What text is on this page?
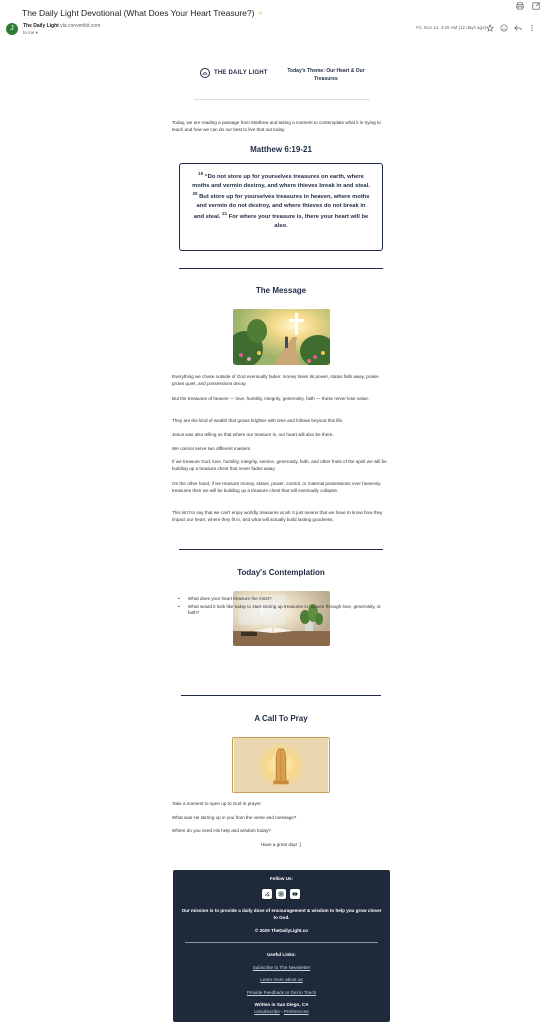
The Daily Light Devotional (What Does Your Heart Treasure?) »
J	The Daily Light via convertkit.com
to me ▾
Fri, Nov 14, 4:26 AM (12 days ago)
THE DAILY LIGHT	Today's Theme: Our Heart & Our Treasures
Today, we are reading a passage from Matthew and taking a moment to contemplate what it is trying to teach and how we can do our best to live that out today.
Matthew 6:19-21
$^{19}$ “Do not store up for yourselves treasures on earth, where moths and vermin destroy, and where thieves break in and steal. $^{20}$ But store up for yourselves treasures in heaven, where moths and vermin do not destroy, and where thieves do not break in and steal. $^{21}$ For where your treasure is, there your heart will be also.
The Message
Everything we chase outside of God eventually fades: money loses its power, status falls away, praise grows quiet, and possessions decay.
But the treasures of heaven — love, humility, integrity, generosity, faith — these never lose value.
They are the kind of wealth that grows brighter with time and follows beyond this life.
Jesus was also telling us that where our treasure is, our heart will also be there.
We cannot serve two different masters.
If we treasure God, love, humility, integrity, service, generosity, faith, and other fruits of the spirit we will be building up a treasure chest that never fades away.
On the other hand, if we treasure money, status, power, control, or material possessions over heavenly treasures then we will be building up a treasure chest that will eventually collapse.
This isn't to say that we can't enjoy worldly treasures at all. It just means that we have to know how they impact our heart, where they fit in, and what will actually build lasting goodness.
Today's Contemplation
• What does your heart treasure the most?
• What would it look like today to start storing up treasures in heaven through love, generosity, or faith?
A Call To Pray
Take a moment to open up to God in prayer.
What was He stirring up in you from the verse and message?
Where do you need His help and wisdom today?
Have a great day! :)
Follow Us:
Our mission is to provide a daily dose of encouragement & wisdom to help you grow closer to God.
© 2025 TheDailyLight.co
Useful Links:
Subscribe to The Newsletter
Learn more about us
Provide Feedback or Get in Touch
Written in San Diego, CA
Unsubscribe - Preferences
